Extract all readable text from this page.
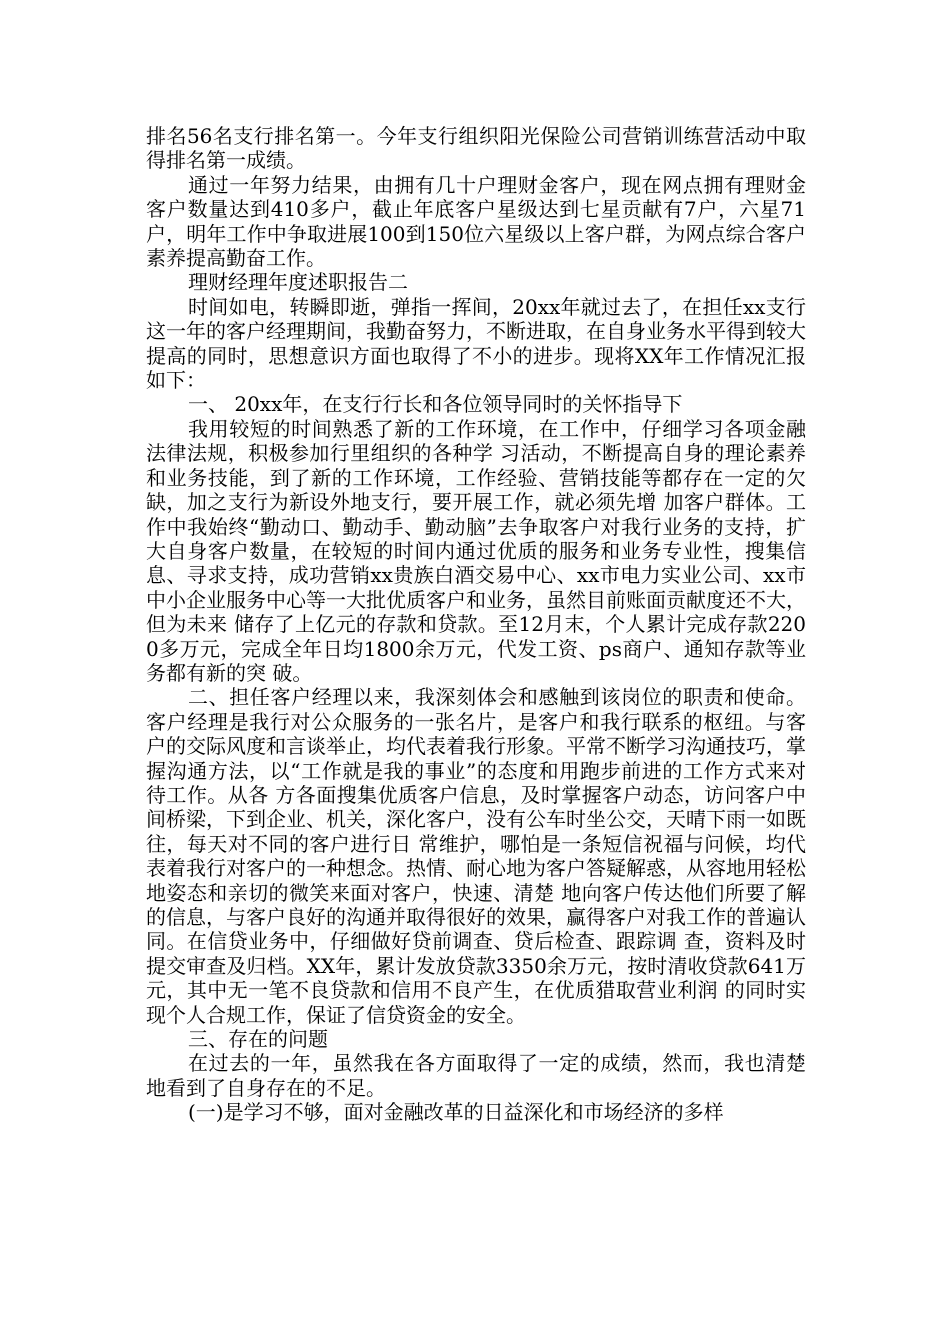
排名56名支行排名第一。今年支行组织阳光保险公司营销训练营活动中取得排名第一成绩。

通过一年努力结果，由拥有几十户理财金客户，现在网点拥有理财金客户数量达到410多户，截止年底客户星级达到七星贡献有7户，六星71户，明年工作中争取进展100到150位六星级以上客户群，为网点综合客户素养提高勤奋工作。

理财经理年度述职报告二

时间如电，转瞬即逝，弹指一挥间，20xx年就过去了，在担任xx支行这一年的客户经理期间，我勤奋努力，不断进取，在自身业务水平得到较大提高的同时，思想意识方面也取得了不小的进步。现将XX年工作情况汇报如下：

一、 20xx年，在支行行长和各位领导同时的关怀指导下

我用较短的时间熟悉了新的工作环境，在工作中，仔细学习各项金融法律法规，积极参加行里组织的各种学 习活动，不断提高自身的理论素养和业务技能，到了新的工作环境，工作经验、营销技能等都存在一定的欠缺，加之支行为新设外地支行，要开展工作，就必须先增 加客户群体。工作中我始终“勤动口、勤动手、勤动脑”去争取客户对我行业务的支持，扩大自身客户数量，在较短的时间内通过优质的服务和业务专业性，搜集信 息、寻求支持，成功营销xx贵族白酒交易中心、xx市电力实业公司、xx市中小企业服务中心等一大批优质客户和业务，虽然目前账面贡献度还不大，但为未来 储存了上亿元的存款和贷款。至12月末，个人累计完成存款2200多万元，完成全年日均1800余万元，代发工资、ps商户、通知存款等业务都有新的突 破。

二、担任客户经理以来，我深刻体会和感触到该岗位的职责和使命。客户经理是我行对公众服务的一张名片，是客户和我行联系的枢纽。与客 户的交际风度和言谈举止，均代表着我行形象。平常不断学习沟通技巧，掌握沟通方法，以“工作就是我的事业”的态度和用跑步前进的工作方式来对待工作。从各 方各面搜集优质客户信息，及时掌握客户动态，访问客户中间桥梁，下到企业、机关，深化客户，没有公车时坐公交，天晴下雨一如既往，每天对不同的客户进行日 常维护，哪怕是一条短信祝福与问候，均代表着我行对客户的一种想念。热情、耐心地为客户答疑解惑，从容地用轻松地姿态和亲切的微笑来面对客户，快速、清楚 地向客户传达他们所要了解的信息，与客户良好的沟通并取得很好的效果，赢得客户对我工作的普遍认同。在信贷业务中，仔细做好贷前调查、贷后检查、跟踪调 查，资料及时提交审查及归档。XX年，累计发放贷款3350余万元，按时清收贷款641万元，其中无一笔不良贷款和信用不良产生，在优质猎取营业利润 的同时实现个人合规工作，保证了信贷资金的安全。

三、存在的问题

在过去的一年，虽然我在各方面取得了一定的成绩，然而，我也清楚地看到了自身存在的不足。

(一)是学习不够，面对金融改革的日益深化和市场经济的多样
